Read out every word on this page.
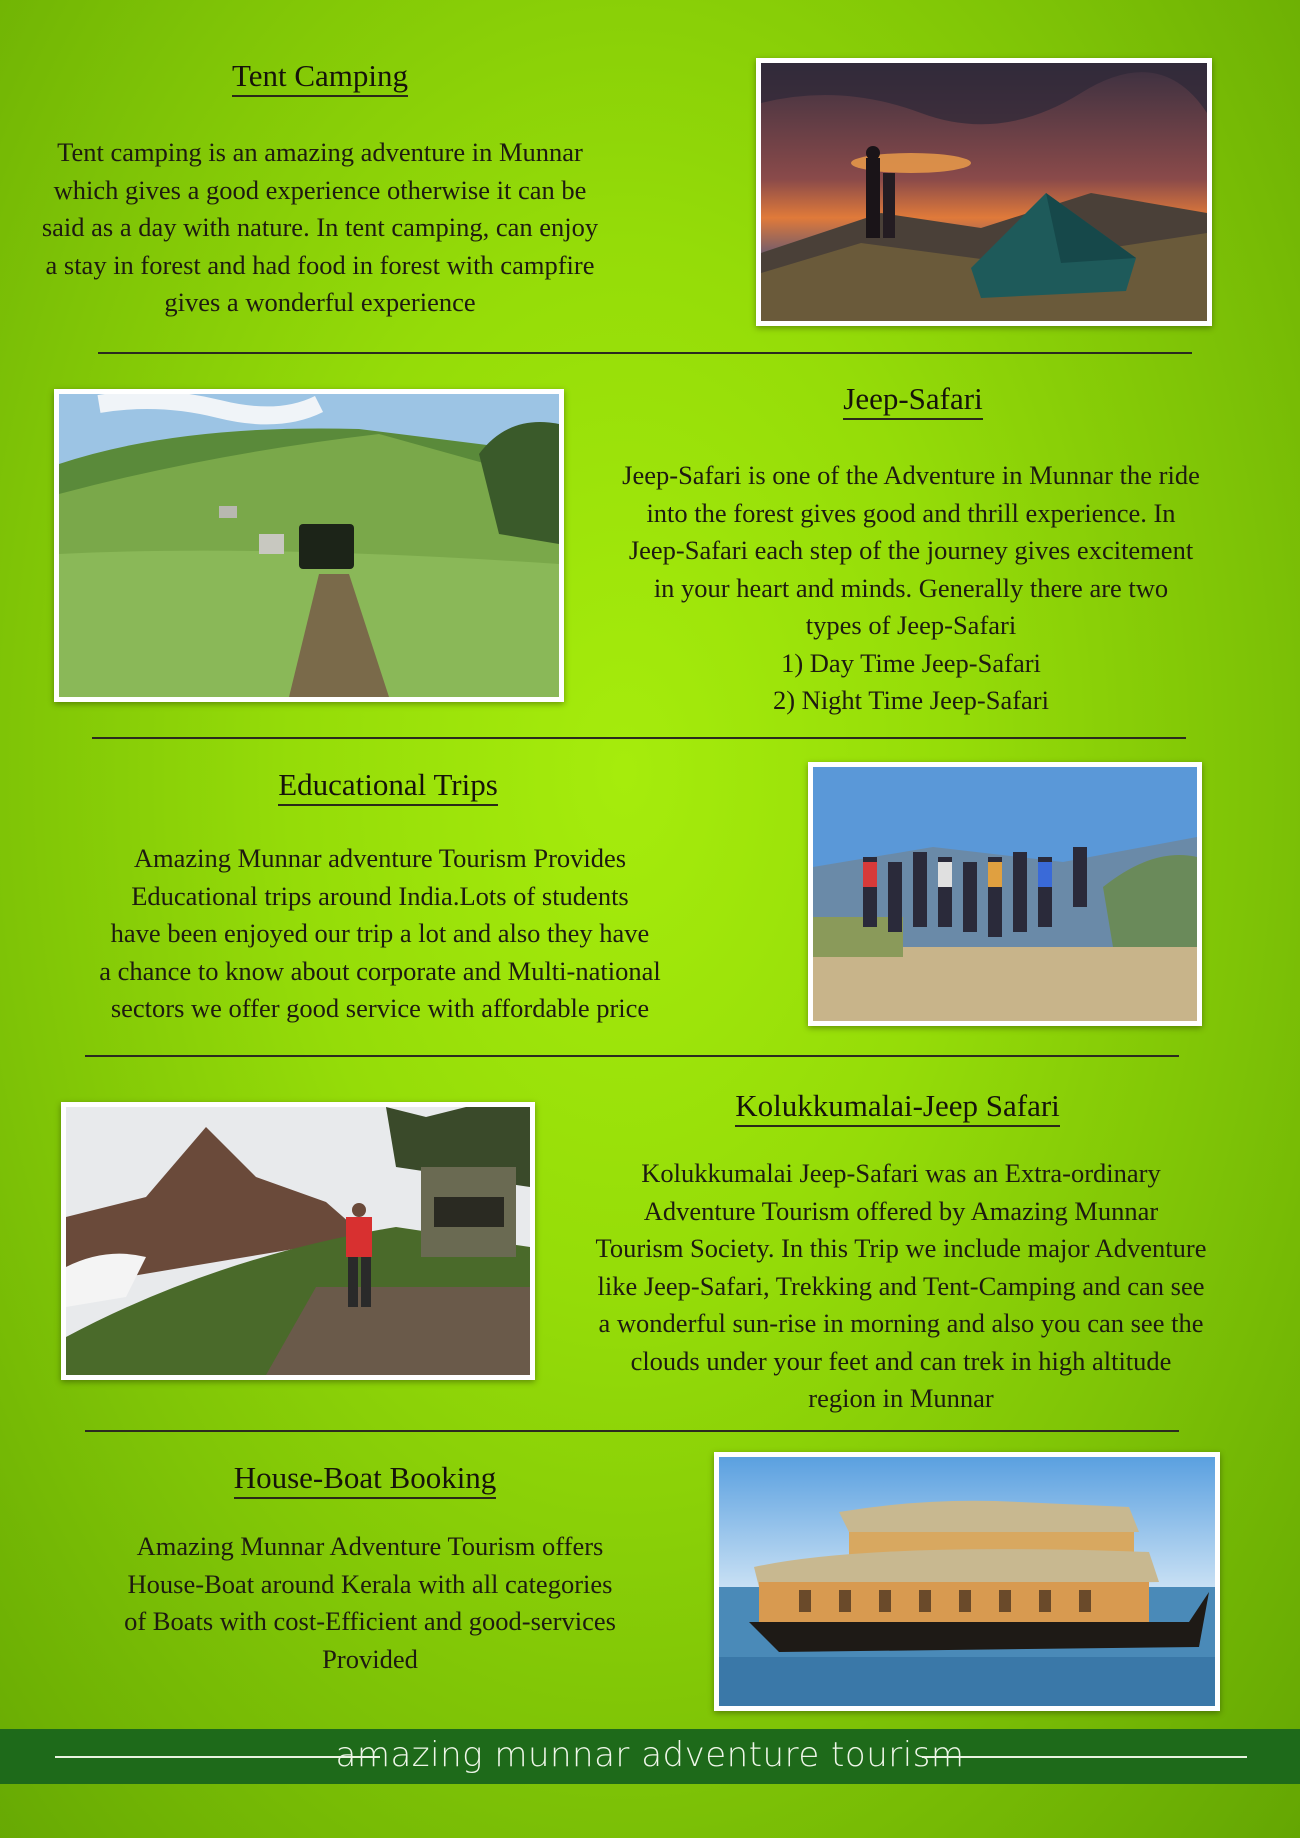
Tent Camping

Tent camping is an amazing adventure in Munnar

which gives a good experience otherwise it can be

said as a day with nature. In tent camping, can enjoy

a stay in forest and had food in forest with campfire

gives a wonderful experience

Jeep-Safari

Jeep-Safari is one of the Adventure in Munnar the ride

into the forest gives good and thrill experience. In

Jeep-Safari each step of the journey gives excitement

in your heart and minds. Generally there are two

types of Jeep-Safari

1) Day Time Jeep-Safari
2) Night Time Jeep-Safari
Educational Trips

Amazing Munnar adventure Tourism Provides

Educational trips around India.Lots of students

have been enjoyed our trip a lot and also they have

a chance to know about corporate and Multi-national

sectors we offer good service with affordable price

Kolukkumalai-Jeep Safari

Kolukkumalai Jeep-Safari was an Extra-ordinary

Adventure Tourism offered by Amazing Munnar

Tourism Society. In this Trip we include major Adventure

like Jeep-Safari, Trekking and Tent-Camping and can see

a wonderful sun-rise in morning and also you can see the

clouds under your feet and can trek in high altitude

region in Munnar

House-Boat Booking

Amazing Munnar Adventure Tourism offers

House-Boat around Kerala with all categories

of Boats with cost-Efficient and good-services

Provided

amazing munnar adventure tourism
